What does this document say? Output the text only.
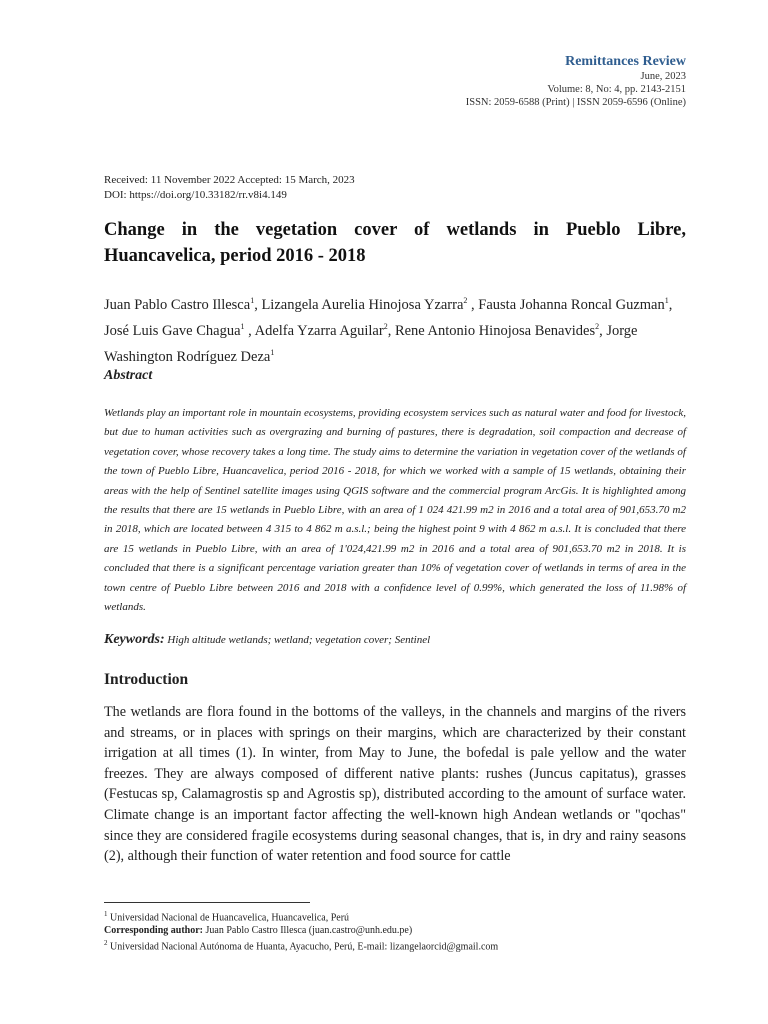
Remittances Review
June, 2023
Volume: 8, No: 4, pp. 2143-2151
ISSN: 2059-6588 (Print) | ISSN 2059-6596 (Online)
Received: 11 November 2022 Accepted: 15 March, 2023
DOI: https://doi.org/10.33182/rr.v8i4.149
Change in the vegetation cover of wetlands in Pueblo Libre, Huancavelica, period 2016 - 2018
Juan Pablo Castro Illesca$^1$, Lizangela Aurelia Hinojosa Yzarra$^2$ , Fausta Johanna Roncal Guzman$^1$, José Luis Gave Chagua$^1$ , Adelfa Yzarra Aguilar$^2$, Rene Antonio Hinojosa Benavides$^2$, Jorge Washington Rodríguez Deza$^1$
Abstract

Wetlands play an important role in mountain ecosystems, providing ecosystem services such as natural water and food for livestock, but due to human activities such as overgrazing and burning of pastures, there is degradation, soil compaction and decrease of vegetation cover, whose recovery takes a long time. The study aims to determine the variation in vegetation cover of the wetlands of the town of Pueblo Libre, Huancavelica, period 2016 - 2018, for which we worked with a sample of 15 wetlands, obtaining their areas with the help of Sentinel satellite images using QGIS software and the commercial program ArcGis. It is highlighted among the results that there are 15 wetlands in Pueblo Libre, with an area of 1 024 421.99 m2 in 2016 and a total area of 901,653.70 m2 in 2018, which are located between 4 315 to 4 862 m a.s.l.; being the highest point 9 with 4 862 m a.s.l. It is concluded that there are 15 wetlands in Pueblo Libre, with an area of 1'024,421.99 m2 in 2016 and a total area of 901,653.70 m2 in 2018. It is concluded that there is a significant percentage variation greater than 10% of vegetation cover of wetlands in terms of area in the town centre of Pueblo Libre between 2016 and 2018 with a confidence level of 0.99%, which generated the loss of 11.98% of wetlands.

Keywords: High altitude wetlands; wetland; vegetation cover; Sentinel
Introduction

The wetlands are flora found in the bottoms of the valleys, in the channels and margins of the rivers and streams, or in places with springs on their margins, which are characterized by their constant irrigation at all times (1). In winter, from May to June, the bofedal is pale yellow and the water freezes. They are always composed of different native plants: rushes (Juncus capitatus), grasses (Festucas sp, Calamagrostis sp and Agrostis sp), distributed according to the amount of surface water. Climate change is an important factor affecting the well-known high Andean wetlands or "qochas" since they are considered fragile ecosystems during seasonal changes, that is, in dry and rainy seasons (2), although their function of water retention and food source for cattle

$^1$ Universidad Nacional de Huancavelica, Huancavelica, Perú
Corresponding author: Juan Pablo Castro Illesca (juan.castro@unh.edu.pe)
$^2$ Universidad Nacional Autónoma de Huanta, Ayacucho, Perú, E-mail: lizangelaorcid@gmail.com
